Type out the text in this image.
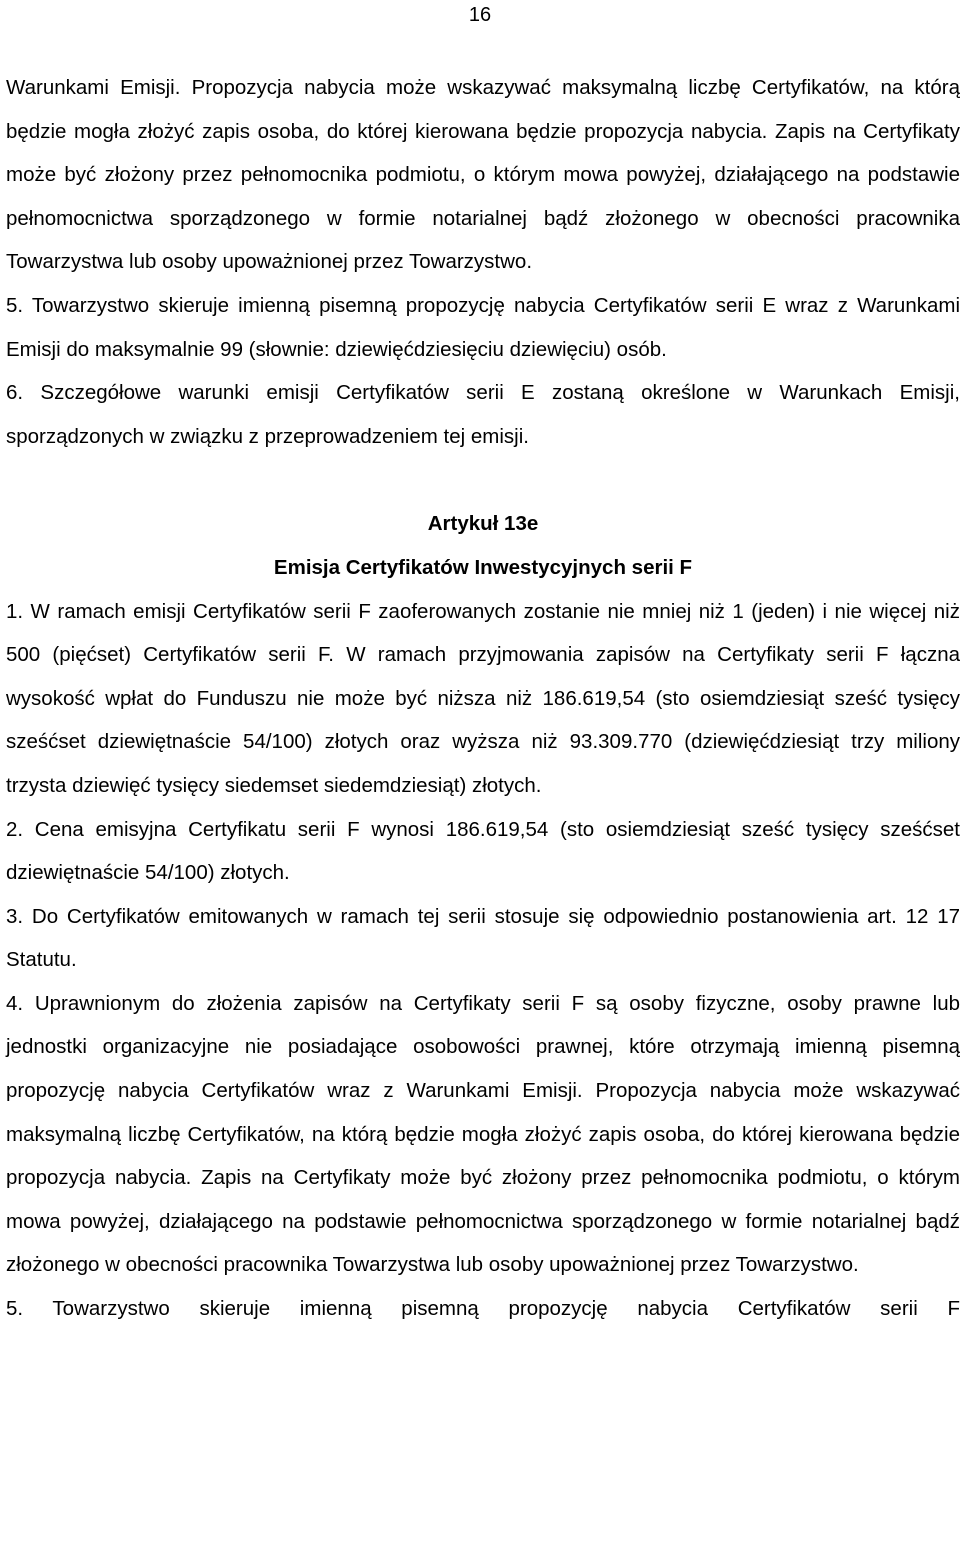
16

Warunkami Emisji. Propozycja nabycia może wskazywać maksymalną liczbę Certyfikatów, na którą będzie mogła złożyć zapis osoba, do której kierowana będzie propozycja nabycia. Zapis na Certyfikaty może być złożony przez pełnomocnika podmiotu, o którym mowa powyżej, działającego na podstawie pełnomocnictwa sporządzonego w formie notarialnej bądź złożonego w obecności pracownika Towarzystwa lub osoby upoważnionej przez Towarzystwo.

5. Towarzystwo skieruje imienną pisemną propozycję nabycia Certyfikatów serii E wraz z Warunkami Emisji do maksymalnie 99 (słownie: dziewięćdziesięciu dziewięciu) osób.

6. Szczegółowe warunki emisji Certyfikatów serii E zostaną określone w Warunkach Emisji, sporządzonych w związku z przeprowadzeniem tej emisji.

Artykuł 13e
Emisja Certyfikatów Inwestycyjnych serii F

1. W ramach emisji Certyfikatów serii F zaoferowanych zostanie nie mniej niż 1 (jeden) i nie więcej niż 500 (pięćset) Certyfikatów serii F. W ramach przyjmowania zapisów na Certyfikaty serii F łączna wysokość wpłat do Funduszu nie może być niższa niż 186.619,54 (sto osiemdziesiąt sześć tysięcy sześćset dziewiętnaście 54/100) złotych oraz wyższa niż 93.309.770 (dziewięćdziesiąt trzy miliony trzysta dziewięć tysięcy siedemset siedemdziesiąt) złotych.

2. Cena emisyjna Certyfikatu serii F wynosi 186.619,54 (sto osiemdziesiąt sześć tysięcy sześćset dziewiętnaście 54/100) złotych.

3. Do Certyfikatów emitowanych w ramach tej serii stosuje się odpowiednio postanowienia art. 12 17 Statutu.

4. Uprawnionym do złożenia zapisów na Certyfikaty serii F są osoby fizyczne, osoby prawne lub jednostki organizacyjne nie posiadające osobowości prawnej, które otrzymają imienną pisemną propozycję nabycia Certyfikatów wraz z Warunkami Emisji. Propozycja nabycia może wskazywać maksymalną liczbę Certyfikatów, na którą będzie mogła złożyć zapis osoba, do której kierowana będzie propozycja nabycia. Zapis na Certyfikaty może być złożony przez pełnomocnika podmiotu, o którym mowa powyżej, działającego na podstawie pełnomocnictwa sporządzonego w formie notarialnej bądź złożonego w obecności pracownika Towarzystwa lub osoby upoważnionej przez Towarzystwo.

5. Towarzystwo skieruje imienną pisemną propozycję nabycia Certyfikatów serii F
